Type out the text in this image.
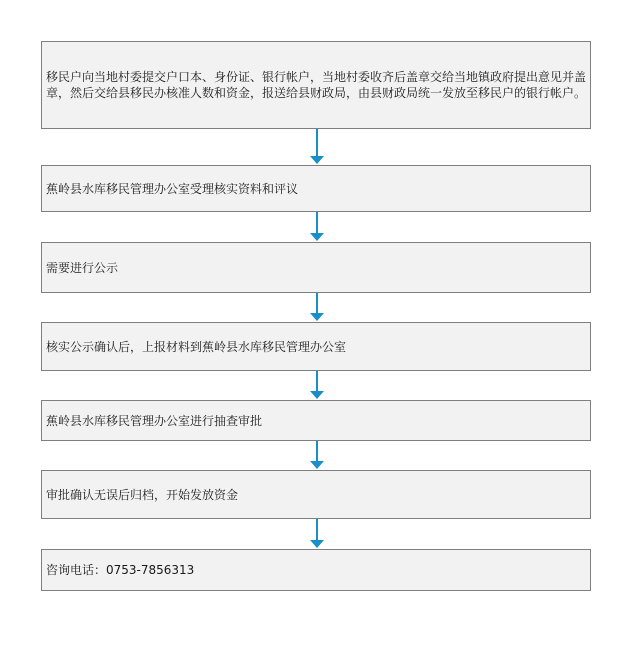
移民户向当地村委提交户口本、身份证、银行帐户，当地村委收齐后盖章交给当地镇政府提出意见并盖章，然后交给县移民办核准人数和资金，报送给县财政局，由县财政局统一发放至移民户的银行帐户。
蕉岭县水库移民管理办公室受理核实资料和评议
需要进行公示
核实公示确认后，上报材料到蕉岭县水库移民管理办公室
蕉岭县水库移民管理办公室进行抽查审批
审批确认无误后归档，开始发放资金
咨询电话：0753-7856313
